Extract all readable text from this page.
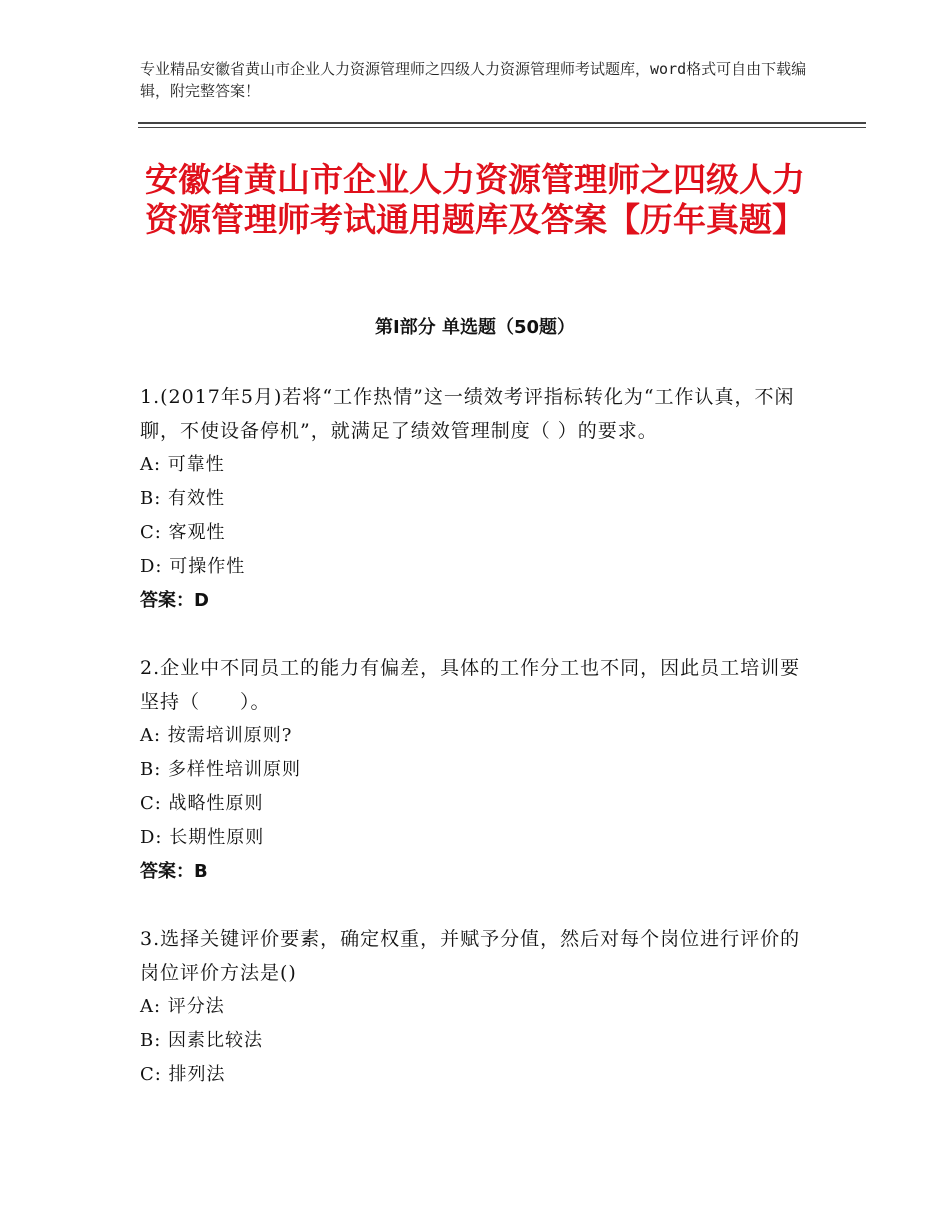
专业精品安徽省黄山市企业人力资源管理师之四级人力资源管理师考试题库，word格式可自由下载编辑，附完整答案！
安徽省黄山市企业人力资源管理师之四级人力资源管理师考试通用题库及答案【历年真题】
第Ⅰ部分 单选题（50题）

1.(2017年5月)若将“工作热情”这一绩效考评指标转化为“工作认真，不闲聊，不使设备停机”，就满足了绩效管理制度（ ）的要求。

A: 可靠性

B: 有效性

C: 客观性

D: 可操作性

答案：D

2.企业中不同员工的能力有偏差，具体的工作分工也不同，因此员工培训要坚持（　　）。

A: 按需培训原则?

B: 多样性培训原则

C: 战略性原则

D: 长期性原则

答案：B

3.选择关键评价要素，确定权重，并赋予分值，然后对每个岗位进行评价的岗位评价方法是()

A: 评分法

B: 因素比较法

C: 排列法
